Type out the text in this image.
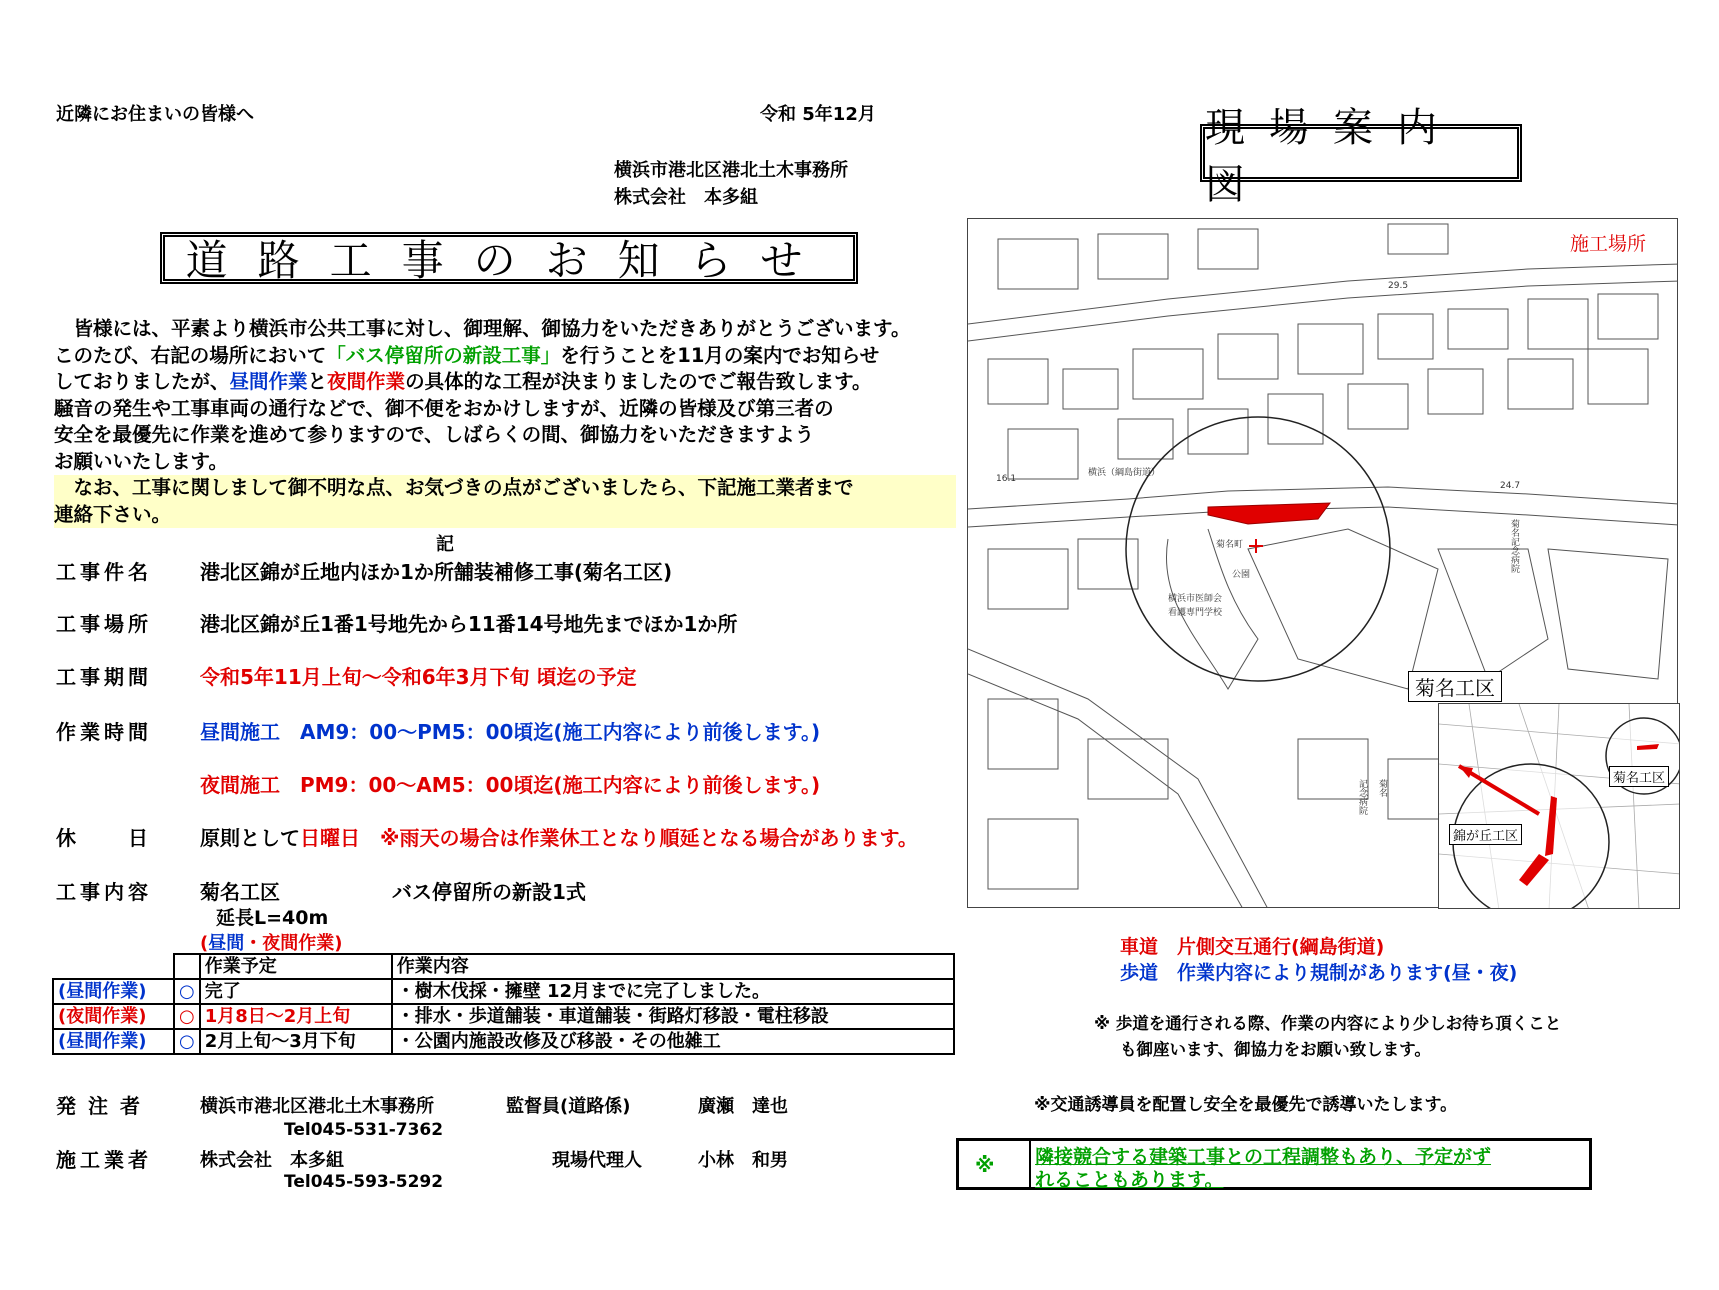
近隣にお住まいの皆様へ	令和 5年12月
横浜市港北区港北土木事務所
株式会社　本多組
道路工事のお知らせ

　皆様には、平素より横浜市公共工事に対し、御理解、御協力をいただきありがとうございます。

このたび、右記の場所において「バス停留所の新設工事」を行うことを11月の案内でお知らせ

しておりましたが、昼間作業と夜間作業の具体的な工程が決まりましたのでご報告致します。

騒音の発生や工事車両の通行などで、御不便をおかけしますが、近隣の皆様及び第三者の

安全を最優先に作業を進めて参りますので、しばらくの間、御協力をいただきますよう

お願いいたします。

　なお、工事に関しまして御不明な点、お気づきの点がございましたら、下記施工業者まで

連絡下さい。

記
工事件名 港北区錦が丘地内ほか1か所舗装補修工事(菊名工区)
工事場所 港北区錦が丘1番1号地先から11番14号地先までほか1か所
工事期間 令和5年11月上旬～令和6年3月下旬 頃迄の予定
作業時間 昼間施工　AM9：00～PM5：00頃迄(施工内容により前後します。)
夜間施工　PM9：00～AM5：00頃迄(施工内容により前後します。)
休　　日 原則として日曜日　※雨天の場合は作業休工となり順延となる場合があります。
工事内容 菊名工区	バス停留所の新設1式
延長L=40m
(昼間・夜間作業)
		作業予定	作業内容
(昼間作業)	○	完了	・樹木伐採・擁壁 12月までに完了しました。
(夜間作業)	○	1月8日～2月上旬	・排水・歩道舗装・車道舗装・街路灯移設・電柱移設
(昼間作業)	○	2月上旬～3月下旬	・公園内施設改修及び移設・その他雑工
発注者	横浜市港北区港北土木事務所	監督員(道路係)	廣瀬　達也
Tel045-531-7362
施工業者	株式会社　本多組	現場代理人	小林　和男
Tel045-593-5292
現場案内図
16.1
24.7
29.5
横浜（綱島街道）
菊名町
公園
横浜市医師会
看護専門学校
菊名記念病院
記念病院 菊名
施工場所
菊名工区
菊名工区
錦が丘工区
車道　片側交互通行(綱島街道)
歩道　作業内容により規制があります(昼・夜)
※ 歩道を通行される際、作業の内容により少しお待ち頂くこと
も御座います、御協力をお願い致します。
※交通誘導員を配置し安全を最優先で誘導いたします。
※ 隣接競合する建築工事との工程調整もあり、予定がず
れることもあります。
